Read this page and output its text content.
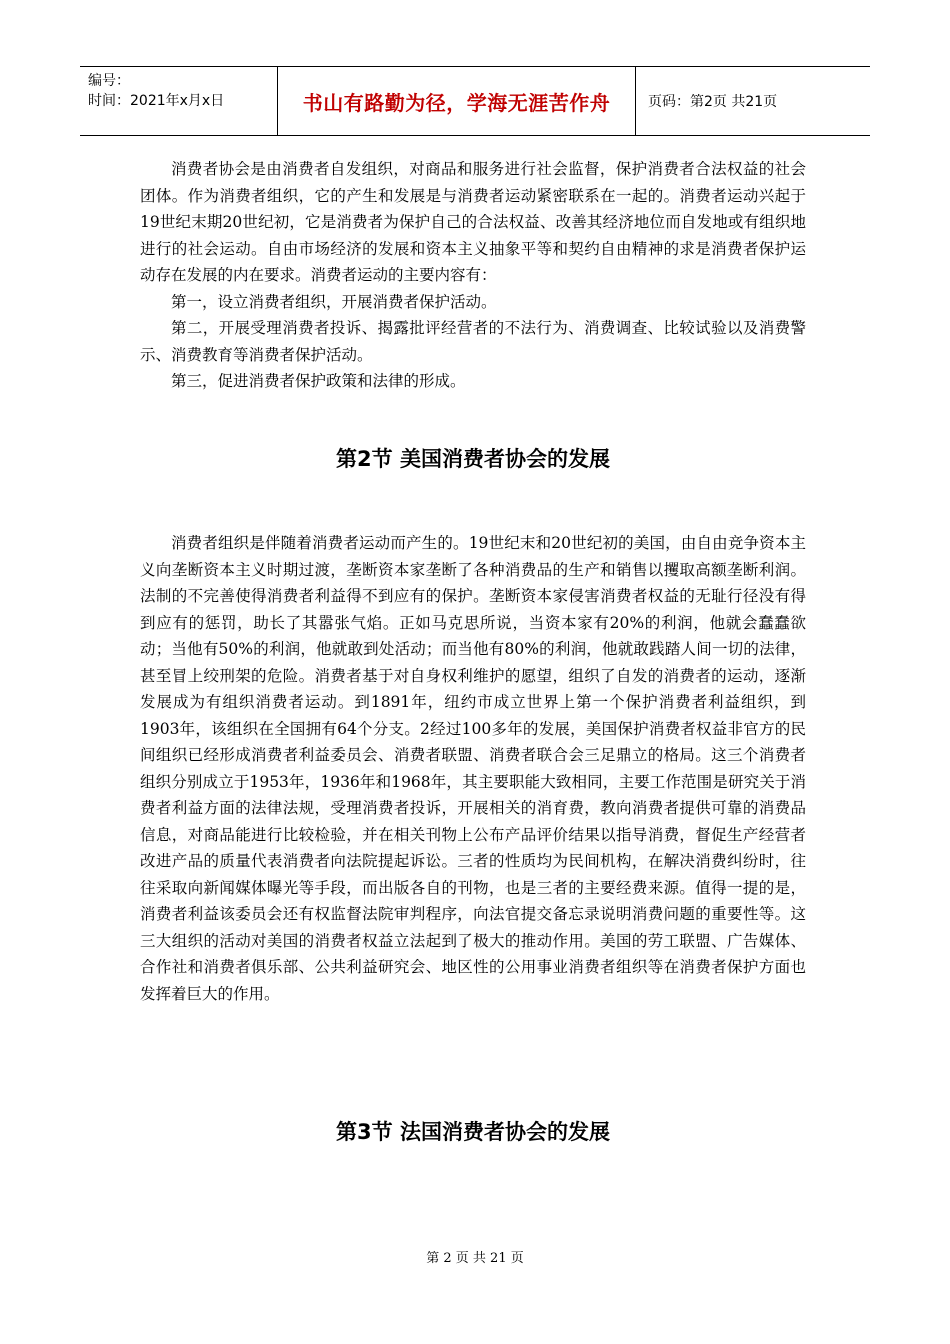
编号：
时间：2021年x月x日	书山有路勤为径，学海无涯苦作舟	页码：第2页 共21页

消费者协会是由消费者自发组织，对商品和服务进行社会监督，保护消费者合法权益的社会团体。作为消费者组织，它的产生和发展是与消费者运动紧密联系在一起的。消费者运动兴起于19世纪末期20世纪初，它是消费者为保护自己的合法权益、改善其经济地位而自发地或有组织地进行的社会运动。自由市场经济的发展和资本主义抽象平等和契约自由精神的求是消费者保护运动存在发展的内在要求。消费者运动的主要内容有：

第一，设立消费者组织，开展消费者保护活动。

第二，开展受理消费者投诉、揭露批评经营者的不法行为、消费调查、比较试验以及消费警示、消费教育等消费者保护活动。

第三，促进消费者保护政策和法律的形成。

第2节 美国消费者协会的发展

消费者组织是伴随着消费者运动而产生的。19世纪末和20世纪初的美国，由自由竞争资本主义向垄断资本主义时期过渡，垄断资本家垄断了各种消费品的生产和销售以攫取高额垄断利润。法制的不完善使得消费者利益得不到应有的保护。垄断资本家侵害消费者权益的无耻行径没有得到应有的惩罚，助长了其嚣张气焰。正如马克思所说，当资本家有20%的利润，他就会蠢蠢欲动；当他有50%的利润，他就敢到处活动；而当他有80%的利润，他就敢践踏人间一切的法律，甚至冒上绞刑架的危险。消费者基于对自身权利维护的愿望，组织了自发的消费者的运动，逐渐发展成为有组织消费者运动。到1891年，纽约市成立世界上第一个保护消费者利益组织，到1903年，该组织在全国拥有64个分支。2经过100多年的发展，美国保护消费者权益非官方的民间组织已经形成消费者利益委员会、消费者联盟、消费者联合会三足鼎立的格局。这三个消费者组织分别成立于1953年，1936年和1968年，其主要职能大致相同，主要工作范围是研究关于消费者利益方面的法律法规，受理消费者投诉，开展相关的消育费，教向消费者提供可靠的消费品信息，对商品能进行比较检验，并在相关刊物上公布产品评价结果以指导消费，督促生产经营者改进产品的质量代表消费者向法院提起诉讼。三者的性质均为民间机构，在解决消费纠纷时，往往采取向新闻媒体曝光等手段，而出版各自的刊物，也是三者的主要经费来源。值得一提的是，消费者利益该委员会还有权监督法院审判程序，向法官提交备忘录说明消费问题的重要性等。这三大组织的活动对美国的消费者权益立法起到了极大的推动作用。美国的劳工联盟、广告媒体、合作社和消费者俱乐部、公共利益研究会、地区性的公用事业消费者组织等在消费者保护方面也发挥着巨大的作用。

第3节 法国消费者协会的发展
第 2 页 共 21 页
